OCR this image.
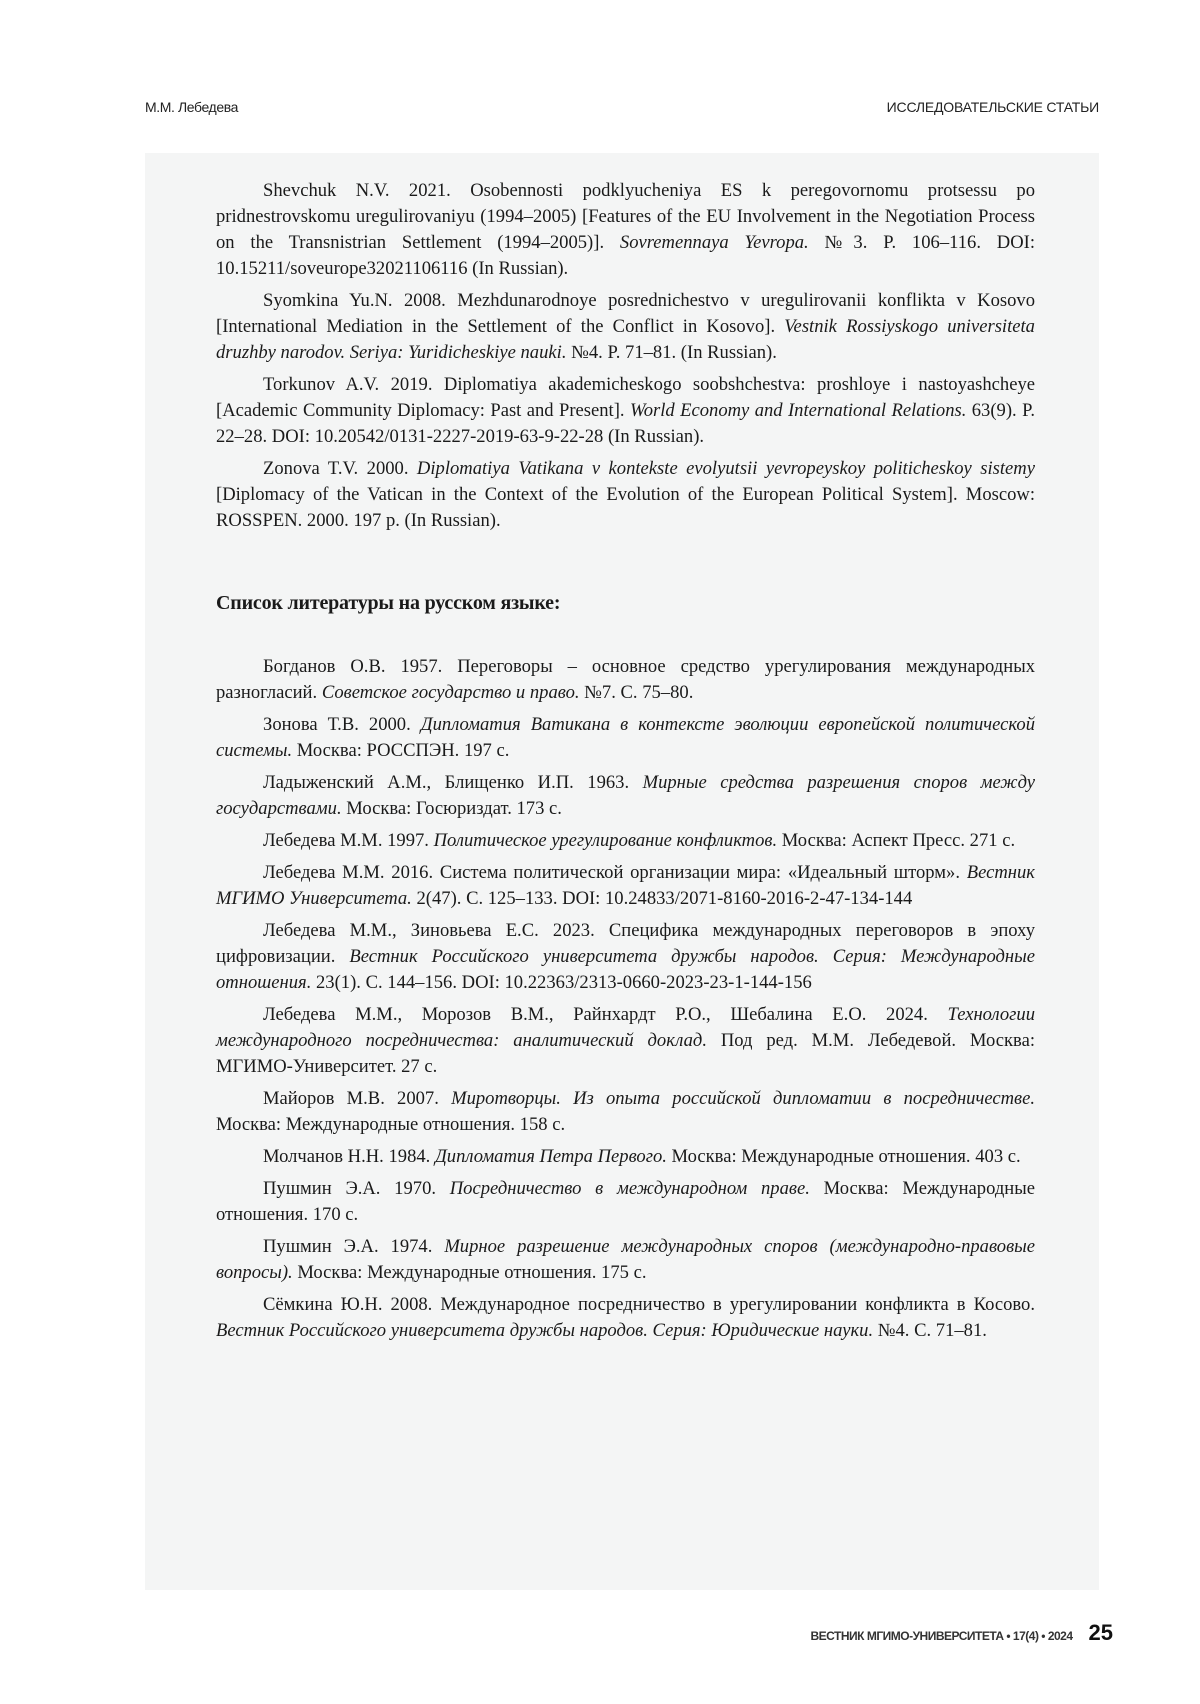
М.М. Лебедева	ИССЛЕДОВАТЕЛЬСКИЕ СТАТЬИ

Shevchuk N.V. 2021. Osobennosti podklyucheniya ES k peregovornomu protsessu po pridnestrovskomu uregulirovaniyu (1994–2005) [Features of the EU Involvement in the Negotiation Process on the Transnistrian Settlement (1994–2005)]. Sovremennaya Yevropa. №3. P. 106–116. DOI: 10.15211/soveurope32021106116 (In Russian).

Syomkina Yu.N. 2008. Mezhdunarodnoye posrednichestvo v uregulirovanii konflikta v Kosovo [International Mediation in the Settlement of the Conflict in Kosovo]. Vestnik Rossiyskogo universiteta druzhby narodov. Seriya: Yuridicheskiye nauki. №4. P. 71–81. (In Russian).

Torkunov A.V. 2019. Diplomatiya akademicheskogo soobshchestva: proshloye i nastoyashcheye [Academic Community Diplomacy: Past and Present]. World Economy and International Relations. 63(9). P. 22–28. DOI: 10.20542/0131-2227-2019-63-9-22-28 (In Russian).

Zonova T.V. 2000. Diplomatiya Vatikana v kontekste evolyutsii yevropeyskoy politicheskoy sistemy [Diplomacy of the Vatican in the Context of the Evolution of the European Political System]. Moscow: ROSSPEN. 2000. 197 p. (In Russian).

Список литературы на русском языке:

Богданов О.В. 1957. Переговоры – основное средство урегулирования международных разногласий. Советское государство и право. №7. С. 75–80.

Зонова Т.В. 2000. Дипломатия Ватикана в контексте эволюции европейской политической системы. Москва: РОССПЭН. 197 с.

Ладыженский А.М., Блищенко И.П. 1963. Мирные средства разрешения споров между государствами. Москва: Госюриздат. 173 с.

Лебедева М.М. 1997. Политическое урегулирование конфликтов. Москва: Аспект Пресс. 271 с.

Лебедева М.М. 2016. Система политической организации мира: «Идеальный шторм». Вестник МГИМО Университета. 2(47). С. 125–133. DOI: 10.24833/2071-8160-2016-2-47-134-144

Лебедева М.М., Зиновьева Е.С. 2023. Специфика международных переговоров в эпоху цифровизации. Вестник Российского университета дружбы народов. Серия: Международные отношения. 23(1). С. 144–156. DOI: 10.22363/2313-0660-2023-23-1-144-156

Лебедева М.М., Морозов В.М., Райнхардт Р.О., Шебалина Е.О. 2024. Технологии международного посредничества: аналитический доклад. Под ред. М.М. Лебедевой. Москва: МГИМО-Университет. 27 с.

Майоров М.В. 2007. Миротворцы. Из опыта российской дипломатии в посредничестве. Москва: Международные отношения. 158 с.

Молчанов Н.Н. 1984. Дипломатия Петра Первого. Москва: Международные отношения. 403 с.

Пушмин Э.А. 1970. Посредничество в международном праве. Москва: Международные отношения. 170 с.

Пушмин Э.А. 1974. Мирное разрешение международных споров (международно-правовые вопросы). Москва: Международные отношения. 175 с.

Сёмкина Ю.Н. 2008. Международное посредничество в урегулировании конфликта в Косово. Вестник Российского университета дружбы народов. Серия: Юридические науки. №4. С. 71–81.

ВЕСТНИК МГИМО-УНИВЕРСИТЕТА • 17(4) • 2024 25
